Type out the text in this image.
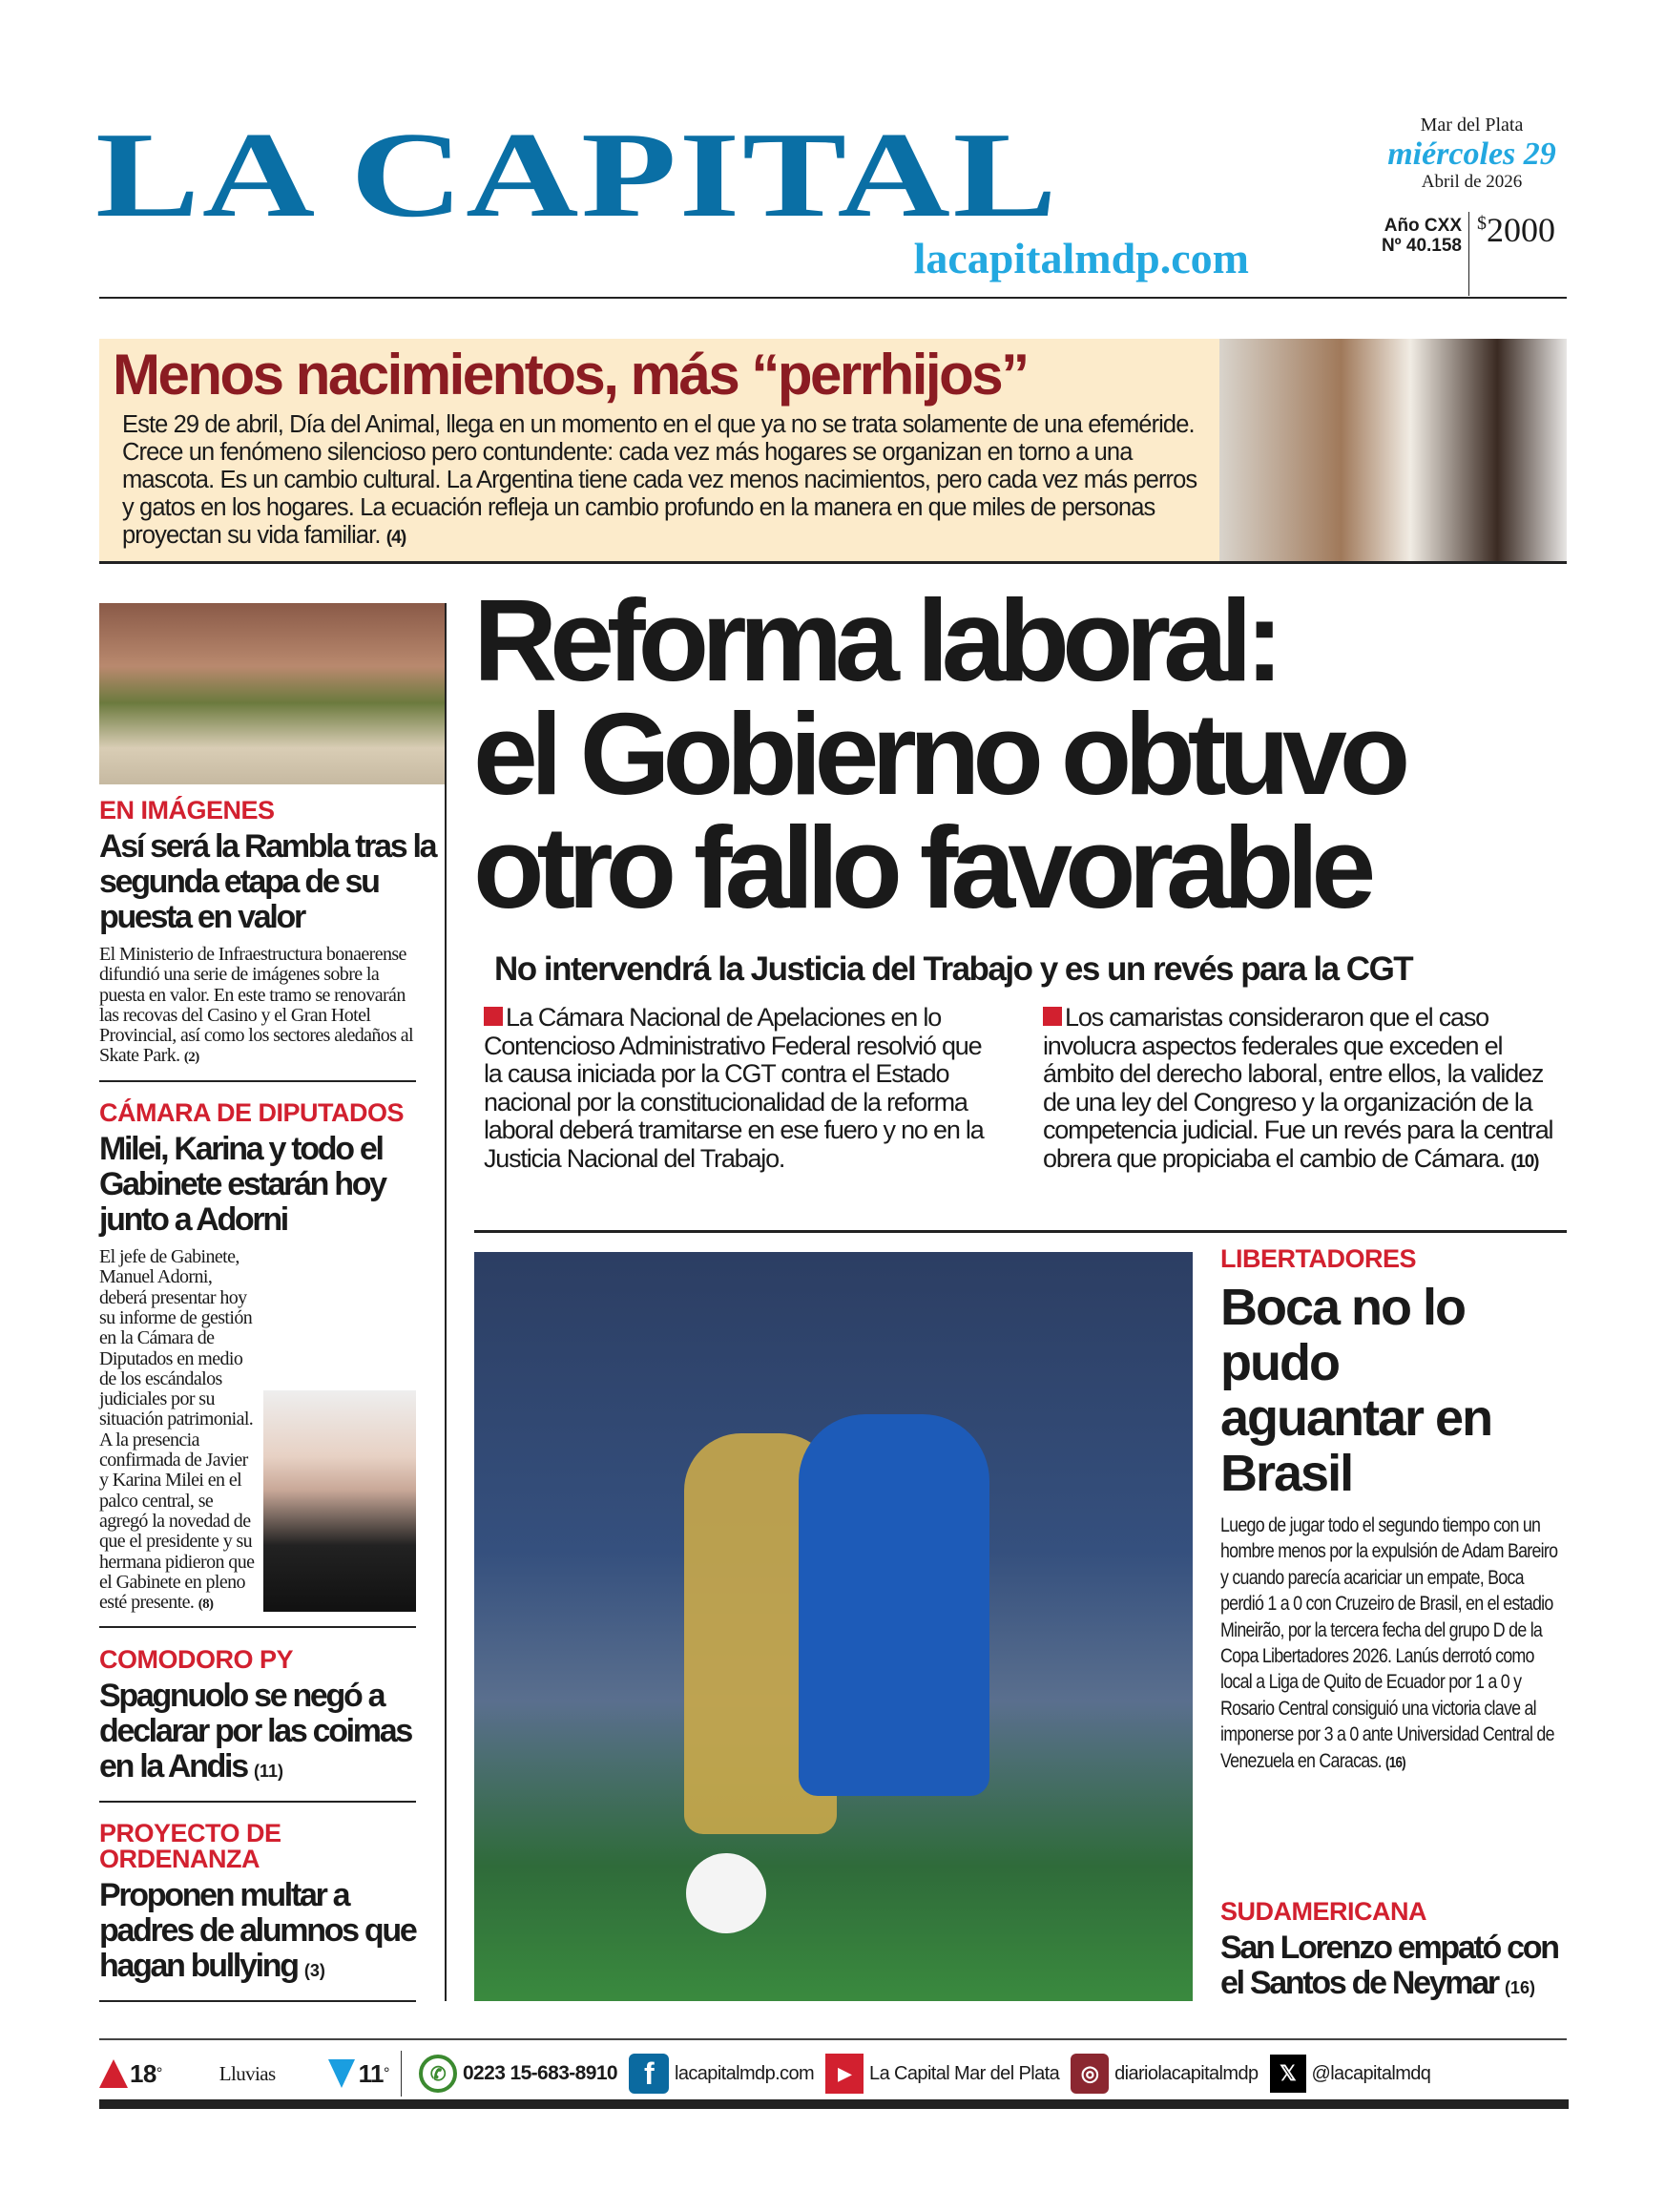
LA CAPITAL
lacapitalmdp.com
Mar del Plata
miércoles 29
Abril de 2026
Año CXX
Nº 40.158
$2000
Menos nacimientos, más “perrhijos”

Este 29 de abril, Día del Animal, llega en un momento en el que ya no se trata solamente de una efeméride. Crece un fenómeno silencioso pero contundente: cada vez más hogares se organizan en torno a una mascota. Es un cambio cultural. La Argentina tiene cada vez menos nacimientos, pero cada vez más perros y gatos en los hogares. La ecuación refleja un cambio profundo en la manera en que miles de personas proyectan su vida familiar. (4)

EN IMÁGENES
Así será la Rambla tras la segunda etapa de su puesta en valor
El Ministerio de Infraestructura bonaerense difundió una serie de imágenes sobre la puesta en valor. En este tramo se renovarán las recovas del Casino y el Gran Hotel Provincial, así como los sectores aledaños al Skate Park. (2)
CÁMARA DE DIPUTADOS
Milei, Karina y todo el Gabinete estarán hoy junto a Adorni
El jefe de Gabinete, Manuel Adorni, deberá presentar hoy su informe de gestión en la Cámara de Diputados en medio de los escándalos judiciales por su situación patrimonial. A la presencia confirmada de Javier y Karina Milei en el palco central, se agregó la novedad de que el presidente y su hermana pidieron que el Gabinete en pleno esté presente. (8)
COMODORO PY
Spagnuolo se negó a declarar por las coimas en la Andis (11)
PROYECTO DE ORDENANZA
Proponen multar a padres de alumnos que hagan bullying (3)
Reforma laboral:
el Gobierno obtuvo
otro fallo favorable
No intervendrá la Justicia del Trabajo y es un revés para la CGT
La Cámara Nacional de Apelaciones en lo Contencioso Administrativo Federal resolvió que la causa iniciada por la CGT contra el Estado nacional por la constitucionalidad de la reforma laboral deberá tramitarse en ese fuero y no en la Justicia Nacional del Trabajo.
Los camaristas consideraron que el caso involucra aspectos federales que exceden el ámbito del derecho laboral, entre ellos, la validez de una ley del Congreso y la organización de la competencia judicial. Fue un revés para la central obrera que propiciaba el cambio de Cámara. (10)
LIBERTADORES
Boca no lo pudo aguantar en Brasil
Luego de jugar todo el segundo tiempo con un hombre menos por la expulsión de Adam Bareiro y cuando parecía acariciar un empate, Boca perdió 1 a 0 con Cruzeiro de Brasil, en el estadio Mineirão, por la tercera fecha del grupo D de la Copa Libertadores 2026. Lanús derrotó como local a Liga de Quito de Ecuador por 1 a 0 y Rosario Central consiguió una victoria clave al imponerse por 3 a 0 ante Universidad Central de Venezuela en Caracas. (16)
SUDAMERICANA
San Lorenzo empató con el Santos de Neymar (16)
18 °	Lluvias	11 °	✆ 0223 15-683-8910 f	lacapitalmdp.com	▶ La Capital Mar del Plata	◎ diariolacapitalmdp	𝕏 @lacapitalmdq
